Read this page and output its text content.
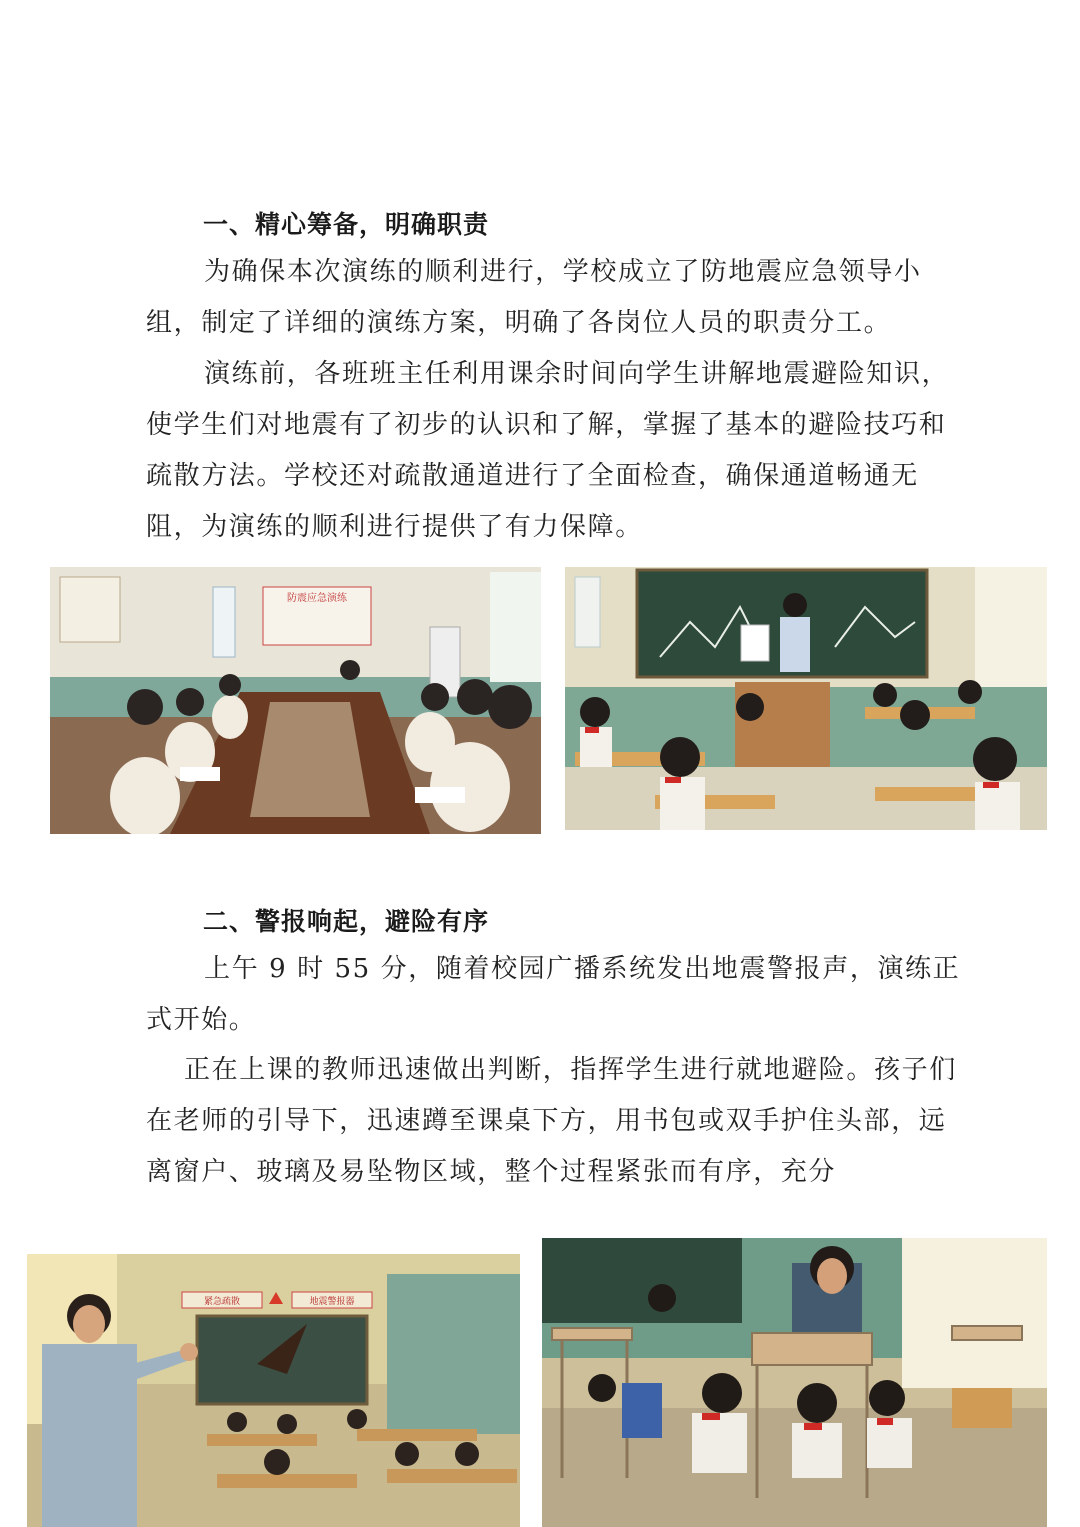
一、精心筹备，明确职责

为确保本次演练的顺利进行，学校成立了防地震应急领导小组，制定了详细的演练方案，明确了各岗位人员的职责分工。

演练前，各班班主任利用课余时间向学生讲解地震避险知识，使学生们对地震有了初步的认识和了解，掌握了基本的避险技巧和疏散方法。学校还对疏散通道进行了全面检查，确保通道畅通无阻，为演练的顺利进行提供了有力保障。

防震应急演练
二、警报响起，避险有序

上午 9 时 55 分，随着校园广播系统发出地震警报声，演练正式开始。

正在上课的教师迅速做出判断，指挥学生进行就地避险。孩子们在老师的引导下，迅速蹲至课桌下方，用书包或双手护住头部，远离窗户、玻璃及易坠物区域，整个过程紧张而有序，充分

紧急疏散	地震警报器
